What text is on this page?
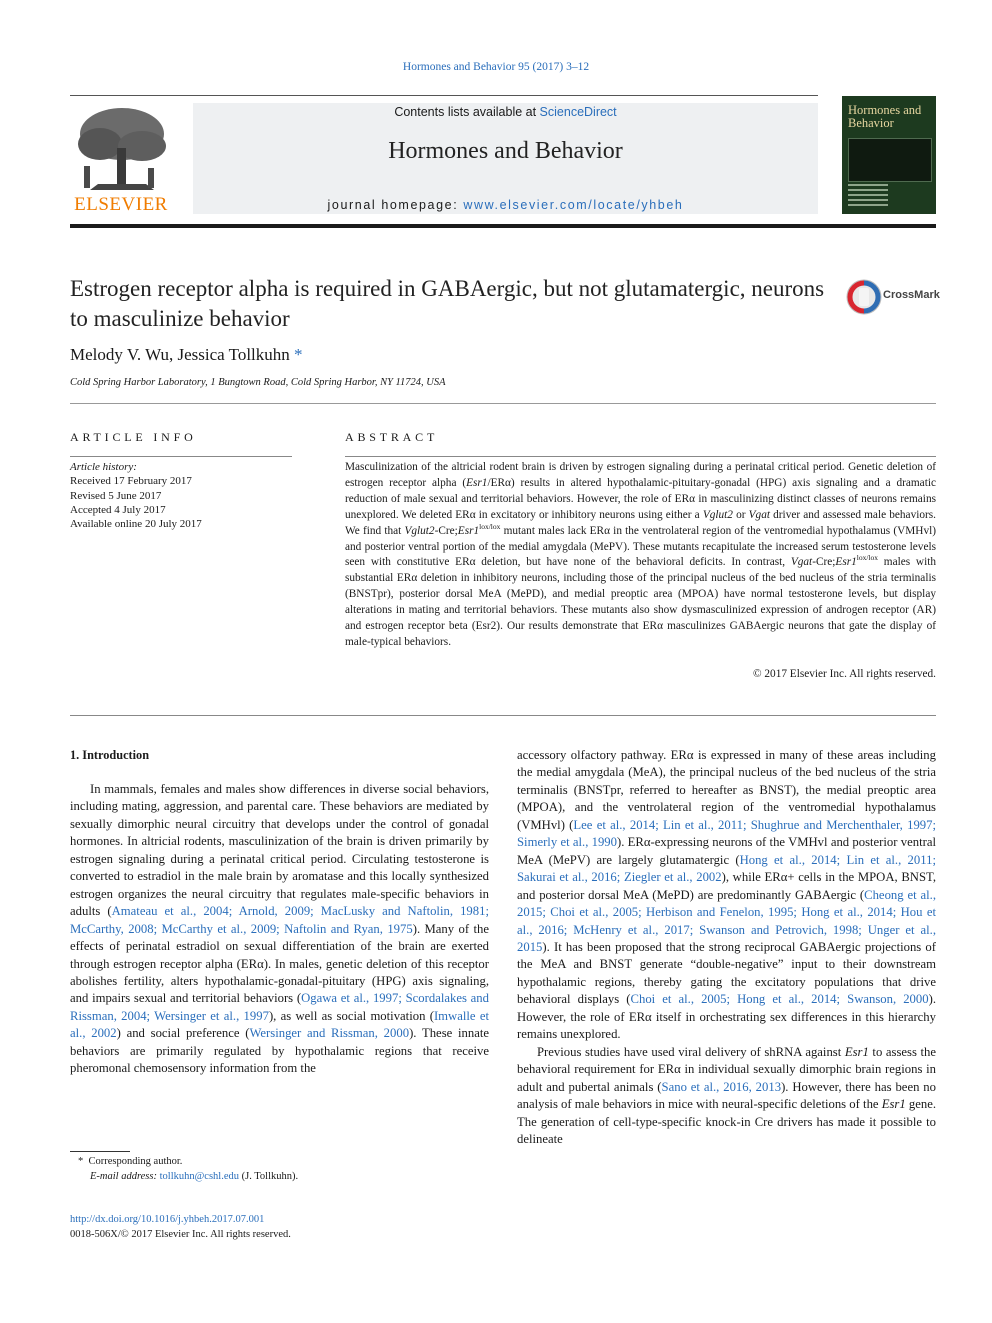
Hormones and Behavior 95 (2017) 3–12
Contents lists available at ScienceDirect
Hormones and Behavior
journal homepage: www.elsevier.com/locate/yhbeh
ELSEVIER
Hormones and Behavior
Estrogen receptor alpha is required in GABAergic, but not glutamatergic, neurons to masculinize behavior
CrossMark
Melody V. Wu, Jessica Tollkuhn *
Cold Spring Harbor Laboratory, 1 Bungtown Road, Cold Spring Harbor, NY 11724, USA
ARTICLE INFO	ABSTRACT
Article history:
Received 17 February 2017
Revised 5 June 2017
Accepted 4 July 2017
Available online 20 July 2017
Masculinization of the altricial rodent brain is driven by estrogen signaling during a perinatal critical period. Genetic deletion of estrogen receptor alpha (Esr1/ERα) results in altered hypothalamic-pituitary-gonadal (HPG) axis signaling and a dramatic reduction of male sexual and territorial behaviors. However, the role of ERα in masculinizing distinct classes of neurons remains unexplored. We deleted ERα in excitatory or inhibitory neurons using either a Vglut2 or Vgat driver and assessed male behaviors. We find that $Vglut2-Cre;Esr1^{lox/lox}$ mutant males lack ERα in the ventrolateral region of the ventromedial hypothalamus (VMHvl) and posterior ventral portion of the medial amygdala (MePV). These mutants recapitulate the increased serum testosterone levels seen with constitutive ERα deletion, but have none of the behavioral deficits. In contrast, Vgat-$Cre;Esr1^{lox/lox}$ males with substantial ERα deletion in inhibitory neurons, including those of the principal nucleus of the bed nucleus of the stria terminalis (BNSTpr), posterior dorsal MeA (MePD), and medial preoptic area (MPOA) have normal testosterone levels, but display alterations in mating and territorial behaviors. These mutants also show dysmasculinized expression of androgen receptor (AR) and estrogen receptor beta (Esr2). Our results demonstrate that ERα masculinizes GABAergic neurons that gate the display of male-typical behaviors.
© 2017 Elsevier Inc. All rights reserved.
1. Introduction

In mammals, females and males show differences in diverse social behaviors, including mating, aggression, and parental care. These behaviors are mediated by sexually dimorphic neural circuitry that develops under the control of gonadal hormones. In altricial rodents, masculinization of the brain is driven primarily by estrogen signaling during a perinatal critical period. Circulating testosterone is converted to estradiol in the male brain by aromatase and this locally synthesized estrogen organizes the neural circuitry that regulates male-specific behaviors in adults (Amateau et al., 2004; Arnold, 2009; MacLusky and Naftolin, 1981; McCarthy, 2008; McCarthy et al., 2009; Naftolin and Ryan, 1975). Many of the effects of perinatal estradiol on sexual differentiation of the brain are exerted through estrogen receptor alpha (ERα). In males, genetic deletion of this receptor abolishes fertility, alters hypothalamic-gonadal-pituitary (HPG) axis signaling, and impairs sexual and territorial behaviors (Ogawa et al., 1997; Scordalakes and Rissman, 2004; Wersinger et al., 1997), as well as social motivation (Imwalle et al., 2002) and social preference (Wersinger and Rissman, 2000). These innate behaviors are primarily regulated by hypothalamic regions that receive pheromonal chemosensory information from the

accessory olfactory pathway. ERα is expressed in many of these areas including the medial amygdala (MeA), the principal nucleus of the bed nucleus of the stria terminalis (BNSTpr, referred to hereafter as BNST), the medial preoptic area (MPOA), and the ventrolateral region of the ventromedial hypothalamus (VMHvl) (Lee et al., 2014; Lin et al., 2011; Shughrue and Merchenthaler, 1997; Simerly et al., 1990). ERα-expressing neurons of the VMHvl and posterior ventral MeA (MePV) are largely glutamatergic (Hong et al., 2014; Lin et al., 2011; Sakurai et al., 2016; Ziegler et al., 2002), while ERα+ cells in the MPOA, BNST, and posterior dorsal MeA (MePD) are predominantly GABAergic (Cheong et al., 2015; Choi et al., 2005; Herbison and Fenelon, 1995; Hong et al., 2014; Hou et al., 2016; McHenry et al., 2017; Swanson and Petrovich, 1998; Unger et al., 2015). It has been proposed that the strong reciprocal GABAergic projections of the MeA and BNST generate “double-negative” input to their downstream hypothalamic regions, thereby gating the excitatory populations that drive behavioral displays (Choi et al., 2005; Hong et al., 2014; Swanson, 2000). However, the role of ERα itself in orchestrating sex differences in this hierarchy remains unexplored.

Previous studies have used viral delivery of shRNA against Esr1 to assess the behavioral requirement for ERα in individual sexually dimorphic brain regions in adult and pubertal animals (Sano et al., 2016, 2013). However, there has been no analysis of male behaviors in mice with neural-specific deletions of the Esr1 gene. The generation of cell-type-specific knock-in Cre drivers has made it possible to delineate

* Corresponding author.
E-mail address: tollkuhn@cshl.edu (J. Tollkuhn).
http://dx.doi.org/10.1016/j.yhbeh.2017.07.001
0018-506X/© 2017 Elsevier Inc. All rights reserved.
